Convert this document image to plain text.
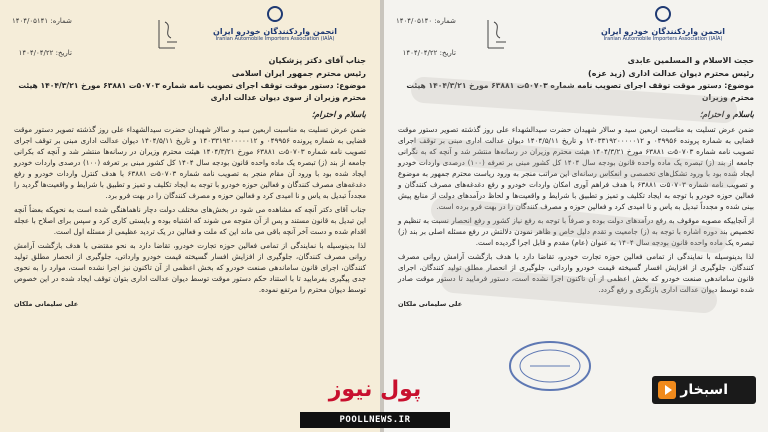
انجمن واردکنندگان خودرو ایران
Iranian Automobile Importers Association (IAIA)
شماره: ۱۴۰۴/۰۵۱۴۱
تاریخ: ۱۴۰۴/۰۴/۲۲
جناب آقای دکتر پزشکیان
رئیس محترم جمهور ایران اسلامی
موضوع: دستور موقت توقف اجرای تصویب نامه شماره ۵۰۷۰۳ت ۶۳۸۸۱ مورخ ۱۴۰۴/۳/۲۱ هیئت محترم وزیران از سوی دیوان عدالت اداری
باسلام و احترام؛

ضمن عرض تسلیت به مناسبت اربعین سید و سالار شهیدان حضرت سیدالشهداء علی روز گذشته تصویر دستور موقت قضایی به شماره پرونده ۰۴۹۹۵۶ و ۱۴۰۳۳۱۹۲۰۰۰۰۰۱۲ و تاریخ ۱۴۰۴/۵/۱۱ دیوان عدالت اداری مبنی بر توقف اجرای تصویب نامه شماره ۵۰۷۰۳ت ۶۳۸۸۱ مورخ ۱۴۰۴/۳/۲۱ هیئت محترم وزیران در رسانه‌ها منتشر شد و آنچه که بکرانی جامعه از بند (ز) تبصره یک ماده واحده قانون بودجه سال ۱۴۰۴ کل کشور مبنی بر تعرفه (۱۰۰) درصدی واردات خودرو ایجاد شده بود با ورود آن مقام منجر به تصویب نامه شماره ۵۰۷۰۳ت ۶۳۸۸۱ با هدف کنترل واردات خودرو و رفع دغدغه‌های مصرف کنندگان و فعالین حوزه خودرو با توجه به ایجاد تکلیف و تمیز و تطبیق با شرایط و واقعیت‌ها گردید را مجدداً تبدیل به یاس و نا امیدی کرد و فعالین حوزه و مصرف کنندگان را در بهت فرو برد.

جناب آقای دکتر آنچه که مشاهده می شود در بخش‌های مختلف دولت دچار ناهماهنگی شده است به نحویکه بعضاً آنچه این تبدیل به قانون مستند و پس از آن متوجه می شوند که اشتباه بوده و بایستی کاری کرد و سپس برای اصلاح با عجله اقدام شده و دست آخر آنچه باقی می ماند این که ملت و فعالین در یک تردید عظیمی از مسئله اول است.

لذا بدینوسیله با نمایندگی از تمامی فعالین حوزه تجارت خودرو، تقاضا دارد به نحو مقتضی با هدف بازگشت آرامش روانی مصرف کنندگان، جلوگیری از افزایش افسار گسیخته قیمت خودرو وارداتی، جلوگیری از انحصار مطلق تولید کنندگان، اجرای قانون ساماندهی صنعت خودرو که بخش اعظمی از آن تاکنون نیز اجرا نشده است، موارد را به نحوی جدی پیگیری بفرمایید تا با استناد حکم دستور موقت توسط دیوان عدالت اداری بتوان توقف ایجاد شده در این خصوص توسط دیوان محترم را مرتفع نموده.

علی سلیمانی ملکان
انجمن واردکنندگان خودرو ایران
Iranian Automobile Importers Association (IAIA)
شماره: ۱۴۰۴/۰۵۱۴۰
تاریخ: ۱۴۰۴/۰۴/۲۲
حجت الاسلام و المسلمین عابدی
رئیس محترم دیوان عدالت اداری (زید عزه)
موضوع: دستور موقت توقف اجرای تصویب نامه شماره ۵۰۷۰۳ت ۶۳۸۸۱ مورخ ۱۴۰۴/۳/۲۱ هیئت محترم وزیران
باسلام و احترام؛

ضمن عرض تسلیت به مناسبت اربعین سید و سالار شهیدان حضرت سیدالشهداء علی روز گذشته تصویر دستور موقت قضایی به شماره پرونده ۰۴۹۹۵۶ و ۱۴۰۳۳۱۹۲۰۰۰۰۰۱۲ و تاریخ ۱۴۰۴/۵/۱۱ دیوان عدالت اداری مبنی بر توقف اجرای تصویب نامه شماره ۵۰۷۰۳ت ۶۳۸۸۱ مورخ ۱۴۰۴/۳/۲۱ هیئت محترم وزیران در رسانه‌ها منتشر شد و آنچه که به نگرانی جامعه از بند (ز) تبصره یک ماده واحده قانون بودجه سال ۱۴۰۴ کل کشور مبنی بر تعرفه (۱۰۰) درصدی واردات خودرو ایجاد شده بود با ورود تشکل‌های تخصصی و انعکاس رسانه‌ای این مراتب منجر به ورود ریاست محترم جمهور به موضوع و تصویب نامه شماره ۵۰۷۰۳ت ۶۳۸۸۱ با هدف فراهم آوری امکان واردات خودرو و رفع دغدغه‌های مصرف کنندگان و فعالین حوزه خودرو با توجه به ایجاد تکلیف و تمیز و تطبیق با شرایط و واقعیت‌ها و لحاظ درآمدهای دولت از منابع پیش بینی شده و مجدداً تبدیل به یاس و نا امیدی کرد و فعالین حوزه و مصرف کنندگان را در بهت فرو برده است.

از آنجاییکه مصوبه موقوف به رفع درآمدهای دولت بوده و صرفاً با توجه به رفع نیاز کشور و رفع انحصار نسبت به تنظیم و تخصیص بند دوره اشاره با توجه به (ز) جامعیت و تقدم دلیل خاص و ظاهر نمودن دلالتش در رفع مسئله اصلی بر بند (ز) تبصره یک ماده واحده قانون بودجه سال ۱۴۰۴ به عنوان (عام) مقدم و قابل اجرا گردیده است.

لذا بدینوسیله با نمایندگی از تمامی فعالین حوزه تجارت خودرو، تقاضا دارد با هدف بازگشت آرامش روانی مصرف کنندگان، جلوگیری از افزایش افسار گسیخته قیمت خودرو وارداتی، جلوگیری از انحصار مطلق تولید کنندگان، اجرای قانون ساماندهی صنعت خودرو که بخش اعظمی از آن تاکنون اجرا نشده است، دستور فرمایید تا دستور موقت صادر شده توسط دیوان عدالت اداری بازنگری و رفع گردد.

علی سلیمانی ملکان
پول نیوز
POOLLNEWS.IR
اسبخار
